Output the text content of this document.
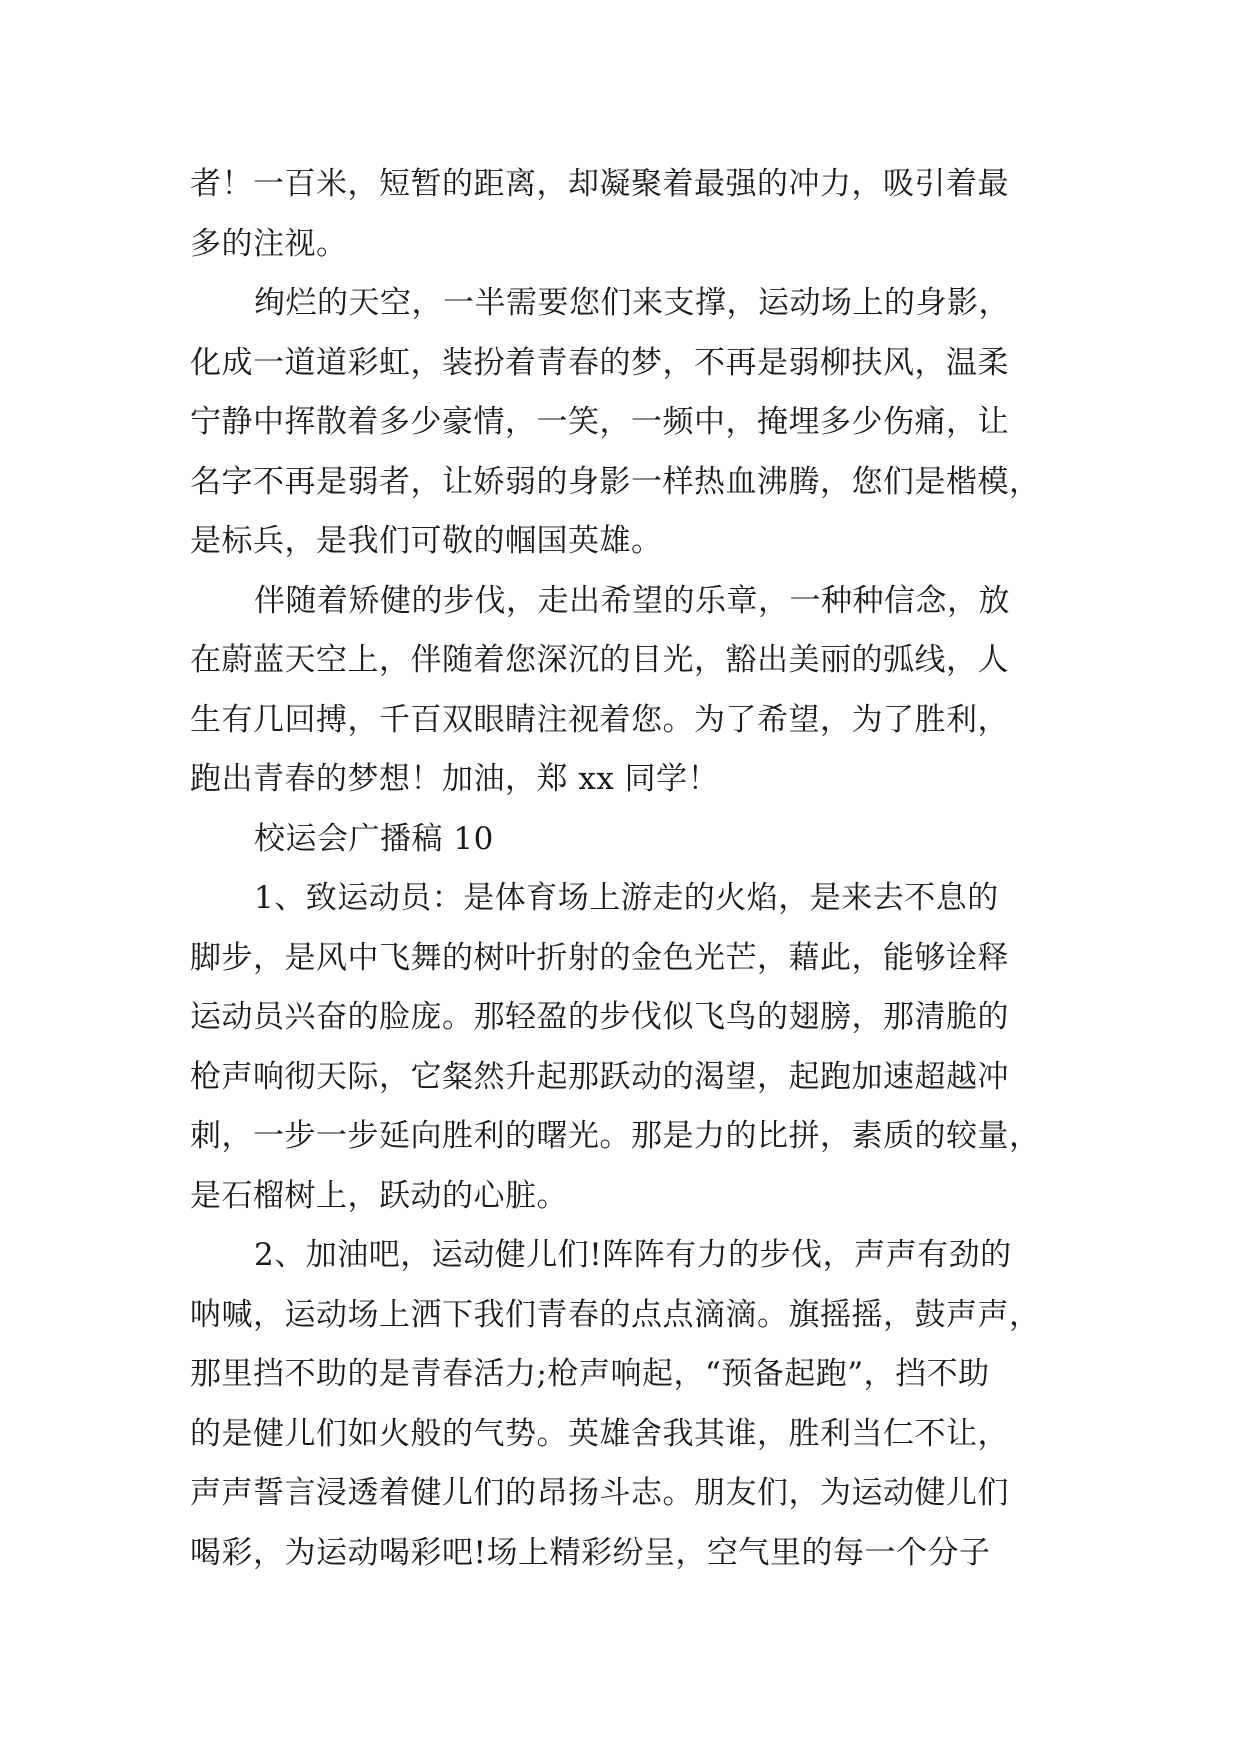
者！一百米，短暂的距离，却凝聚着最强的冲力，吸引着最
多的注视。
绚烂的天空，一半需要您们来支撑，运动场上的身影，
化成一道道彩虹，装扮着青春的梦，不再是弱柳扶风，温柔
宁静中挥散着多少豪情，一笑，一频中，掩埋多少伤痛，让
名字不再是弱者，让娇弱的身影一样热血沸腾，您们是楷模，
是标兵，是我们可敬的帼国英雄。
伴随着矫健的步伐，走出希望的乐章，一种种信念，放
在蔚蓝天空上，伴随着您深沉的目光，豁出美丽的弧线，人
生有几回搏，千百双眼睛注视着您。为了希望，为了胜利，
跑出青春的梦想！加油，郑 xx 同学！
校运会广播稿 10
1、致运动员：是体育场上游走的火焰，是来去不息的
脚步，是风中飞舞的树叶折射的金色光芒，藉此，能够诠释
运动员兴奋的脸庞。那轻盈的步伐似飞鸟的翅膀，那清脆的
枪声响彻天际，它粲然升起那跃动的渴望，起跑加速超越冲
刺，一步一步延向胜利的曙光。那是力的比拼，素质的较量，
是石榴树上，跃动的心脏。
2、加油吧，运动健儿们!阵阵有力的步伐，声声有劲的
呐喊，运动场上洒下我们青春的点点滴滴。旗摇摇，鼓声声，
那里挡不助的是青春活力;枪声响起，“预备起跑”，挡不助
的是健儿们如火般的气势。英雄舍我其谁，胜利当仁不让，
声声誓言浸透着健儿们的昂扬斗志。朋友们，为运动健儿们
喝彩，为运动喝彩吧!场上精彩纷呈，空气里的每一个分子
